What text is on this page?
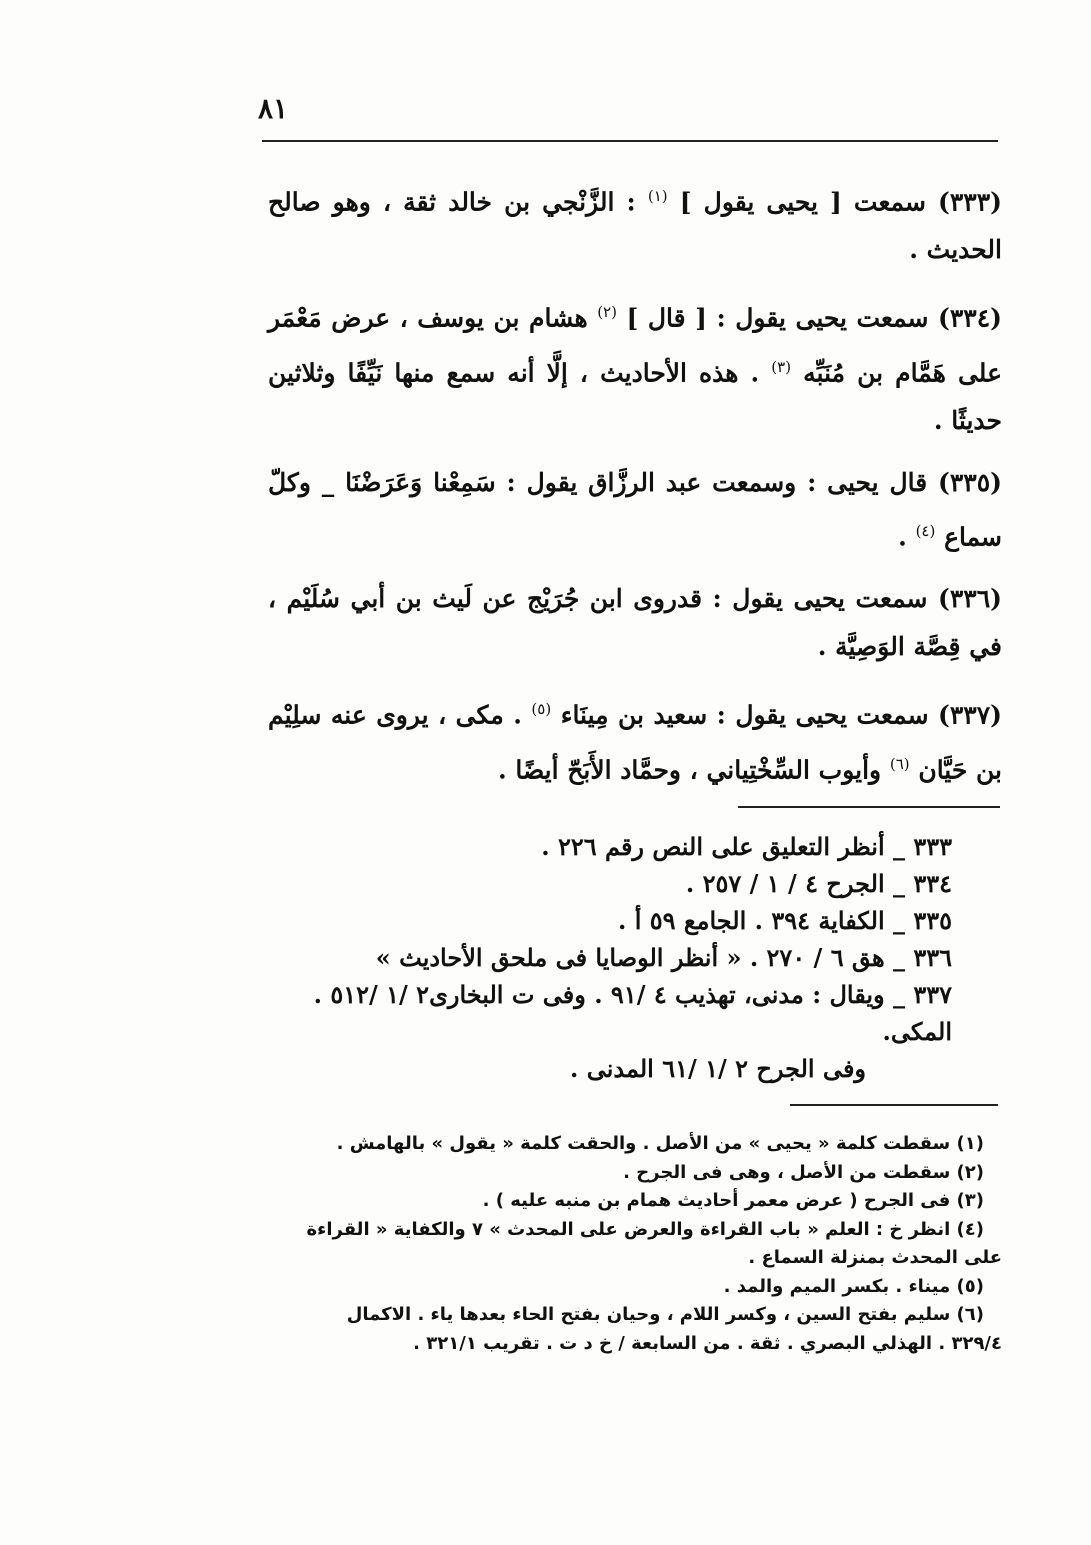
٨١

(٣٣٣) سمعت [ يحيى يقول ] $^{(١)}$ : الزَّنْجي بن خالد ثقة ، وهو صالح الحديث .

(٣٣٤) سمعت يحيى يقول : [ قال ] $^{(٢)}$ هشام بن يوسف ، عرض مَعْمَر على هَمَّام بن مُنَبِّه $^{(٣)}$ . هذه الأحاديث ، إلَّا أنه سمع منها نَيِّفًا وثلاثين حديثًا .

(٣٣٥) قال يحيى : وسمعت عبد الرزَّاق يقول : سَمِعْنا وَعَرَضْنَا _ وكلّ سماع $^{(٤)}$ .

(٣٣٦) سمعت يحيى يقول : قدروى ابن جُرَيْج عن لَيث بن أبي سُلَيْم ، في قِصَّة الوَصِيَّة .

(٣٣٧) سمعت يحيى يقول : سعيد بن مِينَاء $^{(٥)}$ . مكى ، يروى عنه سلِيْم بن حَيَّان $^{(٦)}$ وأيوب السِّخْتِياني ، وحمَّاد الأَبَحّ أيضًا .

٣٣٣ _ أنظر التعليق على النص رقم ٢٢٦ .

٣٣٤ _ الجرح ٤ / ١ / ٢٥٧ .

٣٣٥ _ الكفاية ٣٩٤ . الجامع ٥٩ أ .

٣٣٦ _ هق ٦ / ٢٧٠ . « أنظر الوصايا فى ملحق الأحاديث »

٣٣٧ _ ويقال : مدنى، تهذيب ٤ /٩١ . وفى ت البخارى٢ /١ /٥١٢ . المكى.

وفى الجرح ٢ /١ /٦١ المدنى .

(١) سقطت كلمة « يحيى » من الأصل . والحقت كلمة « يقول » بالهامش .

(٢) سقطت من الأصل ، وهى فى الجرح .

(٣) فى الجرح ( عرض معمر أحاديث همام بن منبه عليه ) .

(٤) انظر خ : العلم « باب القراءة والعرض على المحدث » ٧ والكفاية « القراءة

على المحدث بمنزلة السماع .

(٥) ميناء . بكسر الميم والمد .

(٦) سليم بفتح السين ، وكسر اللام ، وحيان بفتح الحاء بعدها ياء . الاكمال

٣٢٩/٤ . الهذلي البصري . ثقة . من السابعة / خ د ت . تقريب ٣٢١/١ .
